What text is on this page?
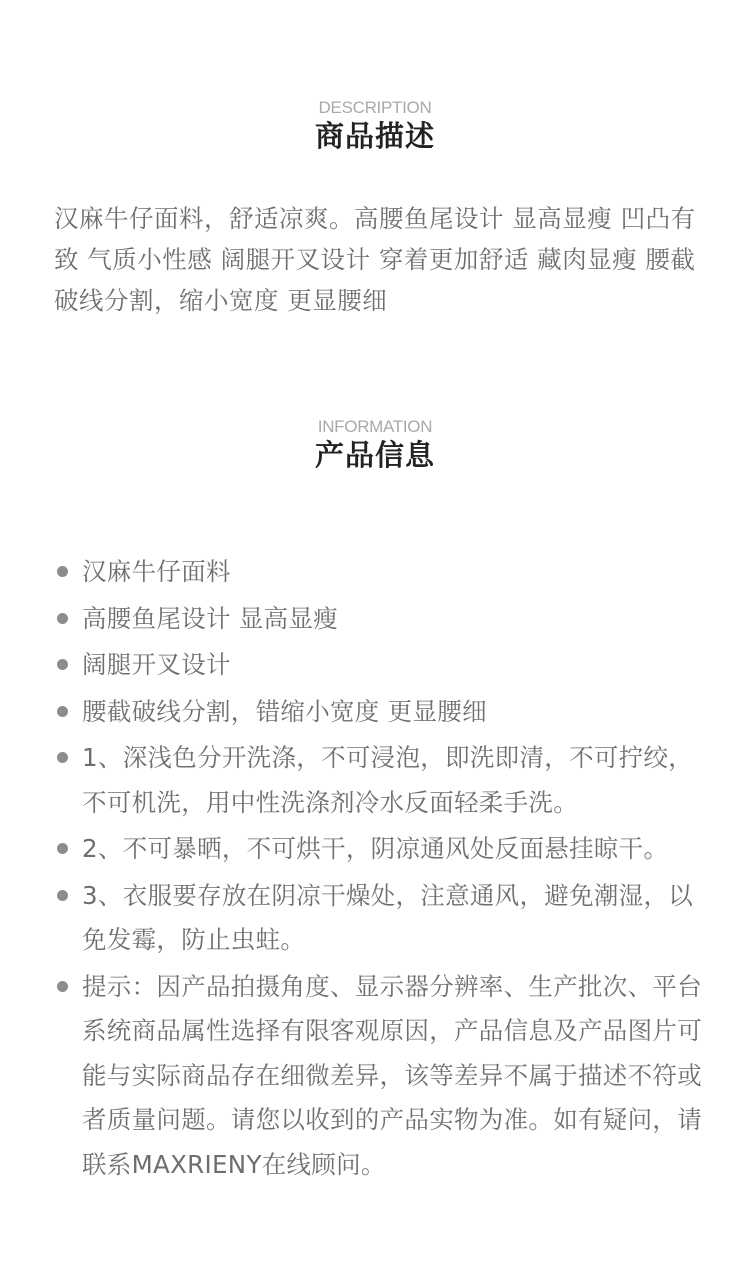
DESCRIPTION
商品描述
汉麻牛仔面料，舒适凉爽。高腰鱼尾设计 显高显瘦 凹凸有致 气质小性感 阔腿开叉设计 穿着更加舒适 藏肉显瘦 腰截破线分割，缩小宽度 更显腰细
INFORMATION
产品信息
汉麻牛仔面料
高腰鱼尾设计 显高显瘦
阔腿开叉设计
腰截破线分割，错缩小宽度 更显腰细
1、深浅色分开洗涤，不可浸泡，即洗即清，不可拧绞，不可机洗，用中性洗涤剂冷水反面轻柔手洗。
2、不可暴晒，不可烘干，阴凉通风处反面悬挂晾干。
3、衣服要存放在阴凉干燥处，注意通风，避免潮湿，以免发霉，防止虫蛀。
提示：因产品拍摄角度、显示器分辨率、生产批次、平台系统商品属性选择有限客观原因，产品信息及产品图片可能与实际商品存在细微差异，该等差异不属于描述不符或者质量问题。请您以收到的产品实物为准。如有疑问，请联系MAXRIENY在线顾问。
